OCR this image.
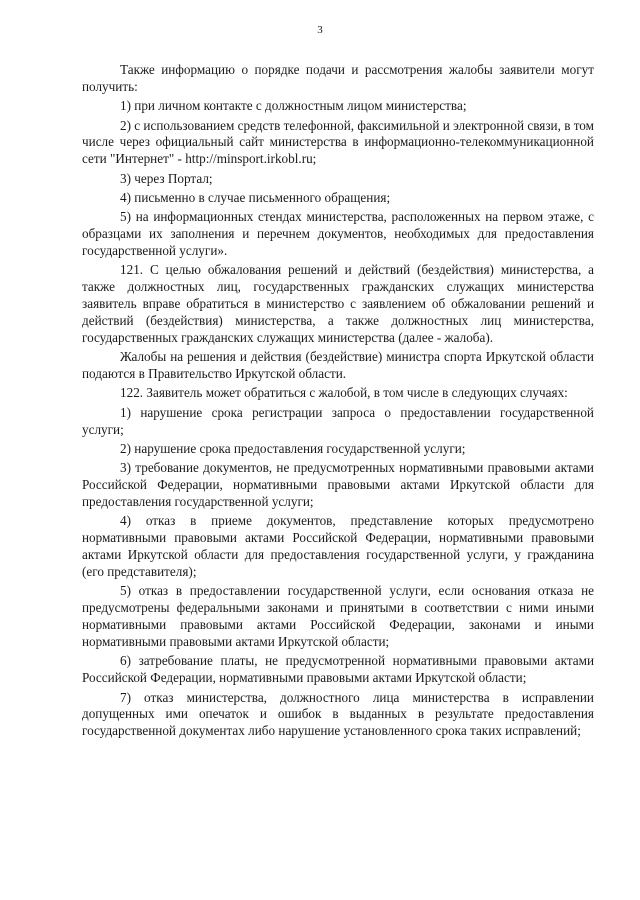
3

Также информацию о порядке подачи и рассмотрения жалобы заявители могут получить:

1) при личном контакте с должностным лицом министерства;

2) с использованием средств телефонной, факсимильной и электронной связи, в том числе через официальный сайт министерства в информационно-телекоммуникационной сети "Интернет" - http://minsport.irkobl.ru;

3) через Портал;

4) письменно в случае письменного обращения;

5) на информационных стендах министерства, расположенных на первом этаже, с образцами их заполнения и перечнем документов, необходимых для предоставления государственной услуги».

121. С целью обжалования решений и действий (бездействия) министерства, а также должностных лиц, государственных гражданских служащих министерства заявитель вправе обратиться в министерство с заявлением об обжаловании решений и действий (бездействия) министерства, а также должностных лиц министерства, государственных гражданских служащих министерства (далее - жалоба).

Жалобы на решения и действия (бездействие) министра спорта Иркутской области подаются в Правительство Иркутской области.

122. Заявитель может обратиться с жалобой, в том числе в следующих случаях:

1) нарушение срока регистрации запроса о предоставлении государственной услуги;

2) нарушение срока предоставления государственной услуги;

3) требование документов, не предусмотренных нормативными правовыми актами Российской Федерации, нормативными правовыми актами Иркутской области для предоставления государственной услуги;

4) отказ в приеме документов, представление которых предусмотрено нормативными правовыми актами Российской Федерации, нормативными правовыми актами Иркутской области для предоставления государственной услуги, у гражданина (его представителя);

5) отказ в предоставлении государственной услуги, если основания отказа не предусмотрены федеральными законами и принятыми в соответствии с ними иными нормативными правовыми актами Российской Федерации, законами и иными нормативными правовыми актами Иркутской области;

6) затребование платы, не предусмотренной нормативными правовыми актами Российской Федерации, нормативными правовыми актами Иркутской области;

7) отказ министерства, должностного лица министерства в исправлении допущенных ими опечаток и ошибок в выданных в результате предоставления государственной документах либо нарушение установленного срока таких исправлений;
